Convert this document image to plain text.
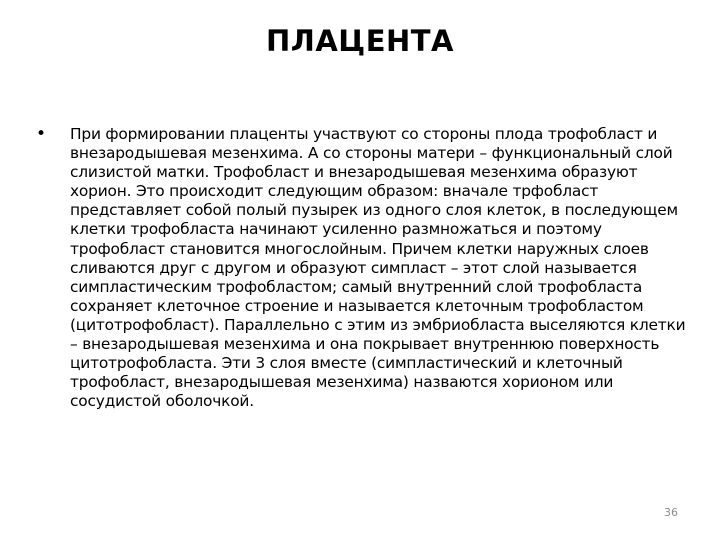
ПЛАЦЕНТА
• При формировании плаценты участвуют со стороны плода трофобласт и внезародышевая мезенхима. А со стороны матери – функциональный слой слизистой матки. Трофобласт и внезародышевая мезенхима образуют хорион. Это происходит следующим образом: вначале трфобласт представляет собой полый пузырек из одного слоя клеток, в последующем клетки трофобласта начинают усиленно размножаться и поэтому трофобласт становится многослойным. Причем клетки наружных слоев сливаются друг с другом и образуют симпласт – этот слой называется симпластическим трофобластом; самый внутренний слой трофобласта сохраняет клеточное строение и называется клеточным трофобластом (цитотрофобласт). Параллельно с этим из эмбриобласта выселяются клетки – внезародышевая мезенхима и она покрывает внутреннюю поверхность цитотрофобласта. Эти 3 слоя вместе (симпластический и клеточный трофобласт, внезародышевая мезенхима) назваются хорионом или сосудистой оболочкой.
36
